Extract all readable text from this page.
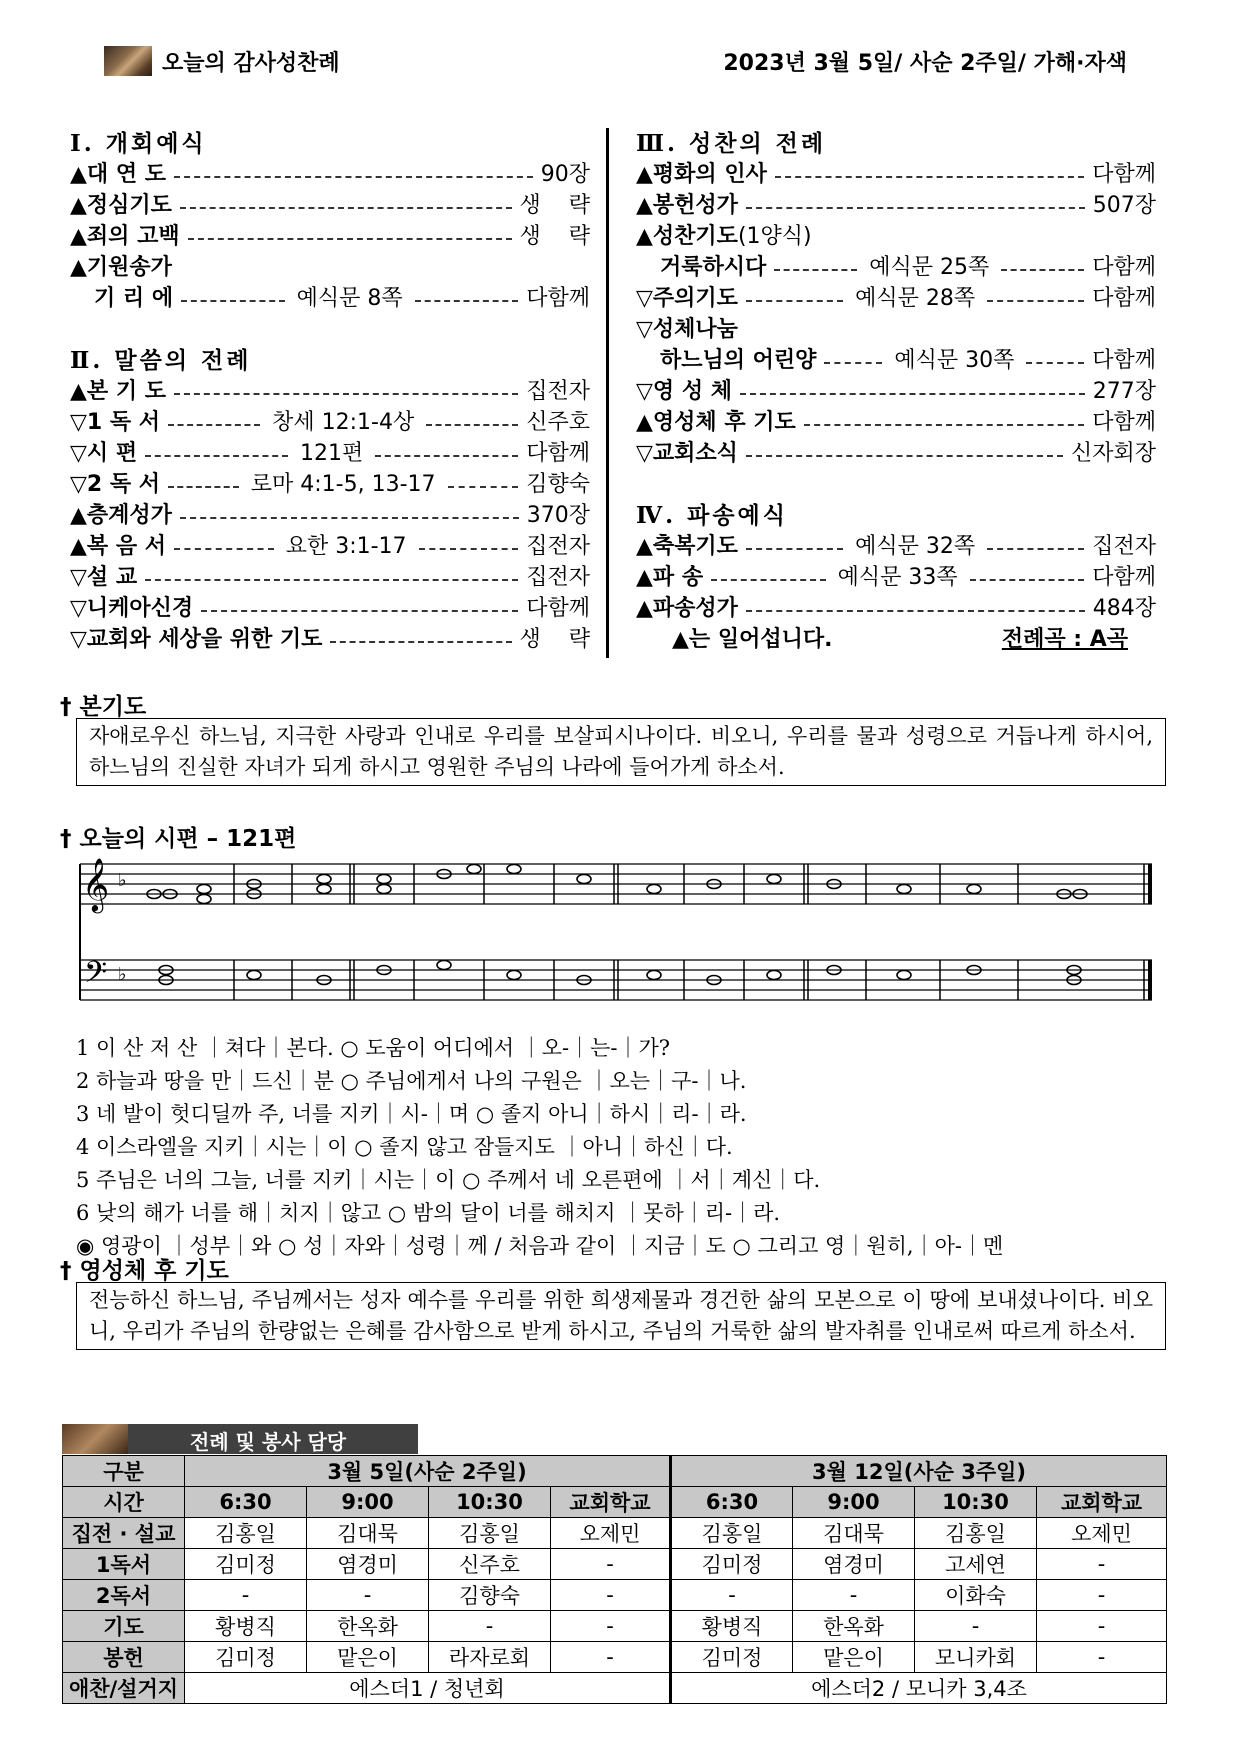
오늘의 감사성찬례	2023년 3월 5일/ 사순 2주일/ 가해·자색
Ⅰ. 개회예식
▲ 대 연 도	90장
▲ 정심기도	생    략
▲ 죄의 고백	생    략
▲ 기원송가
기 리 에	예식문 8쪽	다함께
Ⅱ. 말씀의 전례
▲ 본 기 도	집전자
▽ 1 독 서	창세 12:1-4상	신주호
▽ 시 편	121편	다함께
▽ 2 독 서	로마 4:1-5, 13-17	김향숙
▲ 층계성가	370장
▲ 복 음 서	요한 3:1-17	집전자
▽ 설 교	집전자
▽ 니케아신경	다함께
▽ 교회와 세상을 위한 기도	생    략
Ⅲ. 성찬의 전례
▲ 평화의 인사	다함께
▲ 봉헌성가	507장
▲ 성찬기도 (1양식)
거룩하시다	예식문 25쪽	다함께
▽ 주의기도	예식문 28쪽	다함께
▽ 성체나눔
하느님의 어린양	예식문 30쪽	다함께
▽ 영 성 체	277장
▲ 영성체 후 기도	다함께
▽ 교회소식	신자회장
Ⅳ. 파송예식
▲ 축복기도	예식문 32쪽	집전자
▲ 파 송	예식문 33쪽	다함께
▲ 파송성가	484장
▲는 일어섭니다.	전례곡 : A곡
† 본기도
자애로우신 하느님, 지극한 사랑과 인내로 우리를 보살피시나이다. 비오니, 우리를 물과 성령으로 거듭나게 하시어, 하느님의 진실한 자녀가 되게 하시고 영원한 주님의 나라에 들어가게 하소서.
† 오늘의 시편 – 121편
𝄞
𝄢
♭
♭
1 이 산 저 산 ｜쳐다｜본다. ○ 도움이 어디에서 ｜오-｜는-｜가?
2 하늘과 땅을 만｜드신｜분 ○ 주님에게서 나의 구원은 ｜오는｜구-｜나.
3 네 발이 헛디딜까 주, 너를 지키｜시-｜며 ○ 졸지 아니｜하시｜리-｜라.
4 이스라엘을 지키｜시는｜이 ○ 졸지 않고 잠들지도 ｜아니｜하신｜다.
5 주님은 너의 그늘, 너를 지키｜시는｜이 ○ 주께서 네 오른편에 ｜서｜계신｜다.
6 낮의 해가 너를 해｜치지｜않고 ○ 밤의 달이 너를 해치지 ｜못하｜리-｜라.
◉ 영광이 ｜성부｜와 ○ 성｜자와｜성령｜께 / 처음과 같이 ｜지금｜도 ○ 그리고 영｜원히,｜아-｜멘
† 영성체 후 기도
전능하신 하느님, 주님께서는 성자 예수를 우리를 위한 희생제물과 경건한 삶의 모본으로 이 땅에 보내셨나이다. 비오니, 우리가 주님의 한량없는 은혜를 감사함으로 받게 하시고, 주님의 거룩한 삶의 발자취를 인내로써 따르게 하소서.
전례 및 봉사 담당
구분	3월 5일(사순 2주일)				3월 12일(사순 3주일)			
시간	6:30	9:00	10:30	교회학교	6:30	9:00	10:30	교회학교
집전 · 설교	김홍일	김대묵	김홍일	오제민	김홍일	김대묵	김홍일	오제민
1독서	김미정	염경미	신주호	-	김미정	염경미	고세연	-
2독서	-	-	김향숙	-	-	-	이화숙	-
기도	황병직	한옥화	-	-	황병직	한옥화	-	-
봉헌	김미정	맡은이	라자로회	-	김미정	맡은이	모니카회	-
애찬/설거지	에스더1 / 청년회				에스더2 / 모니카 3,4조			
